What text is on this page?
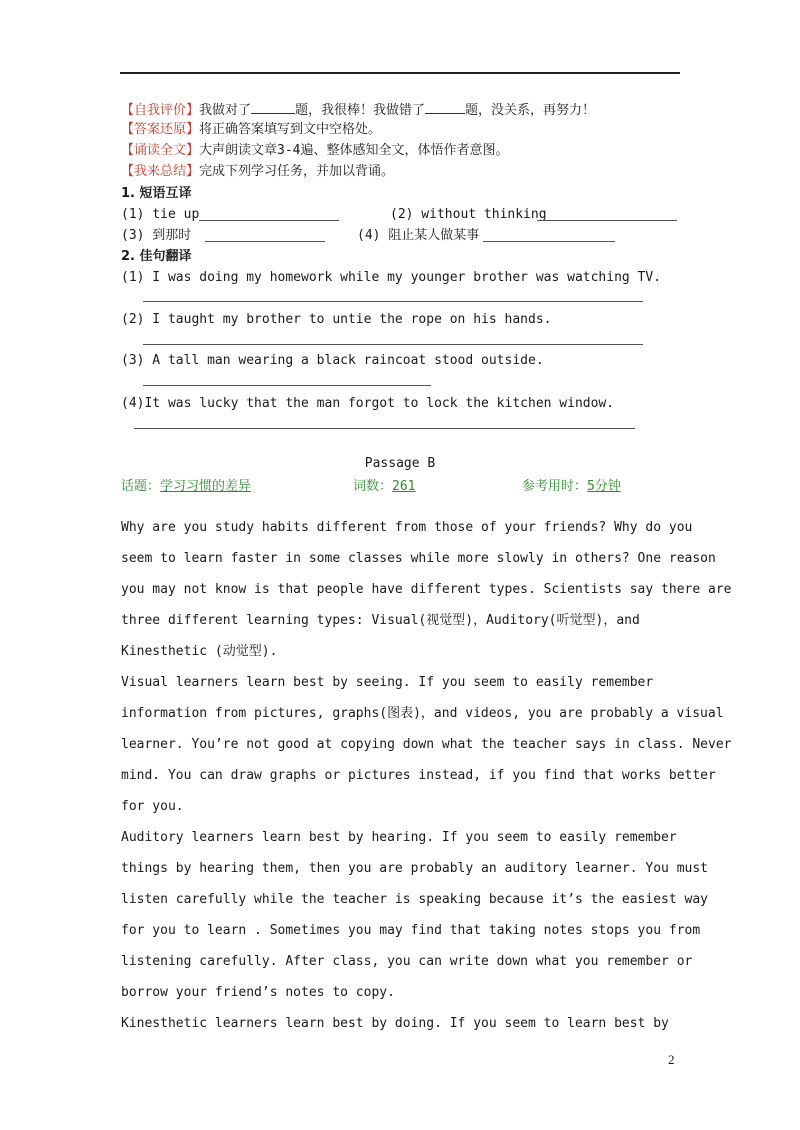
【自我评价】我做对了	题，我很棒！我做错了	题，没关系，再努力！
【答案还原】将正确答案填写到文中空格处。
【诵读全文】大声朗读文章3-4遍、整体感知全文，体悟作者意图。
【我来总结】完成下列学习任务，并加以背诵。
1. 短语互译
(1) tie up	(2) without thinking
(3) 到那时	(4) 阻止某人做某事
2. 佳句翻译
(1) I was doing my homework while my younger brother was watching TV.
(2) I taught my brother to untie the rope on his hands.
(3) A tall man wearing a black raincoat stood outside.
(4)It was lucky that the man forgot to lock the kitchen window.
Passage B
话题：学习习惯的差异	词数：261	参考用时：5分钟
Why are you study habits different from those of your friends? Why do you
seem to learn faster in some classes while more slowly in others? One reason
you may not know is that people have different types. Scientists say there are
three different learning types: Visual(视觉型)，Auditory(听觉型)，and
Kinesthetic (动觉型).
Visual learners learn best by seeing. If you seem to easily remember
information from pictures, graphs(图表)，and videos, you are probably a visual
learner. You’re not good at copying down what the teacher says in class. Never
mind. You can draw graphs or pictures instead, if you find that works better
for you.
Auditory learners learn best by hearing. If you seem to easily remember
things by hearing them, then you are probably an auditory learner. You must
listen carefully while the teacher is speaking because it’s the easiest way
for you to learn . Sometimes you may find that taking notes stops you from
listening carefully. After class, you can write down what you remember or
borrow your friend’s notes to copy.
Kinesthetic learners learn best by doing. If you seem to learn best by
2
